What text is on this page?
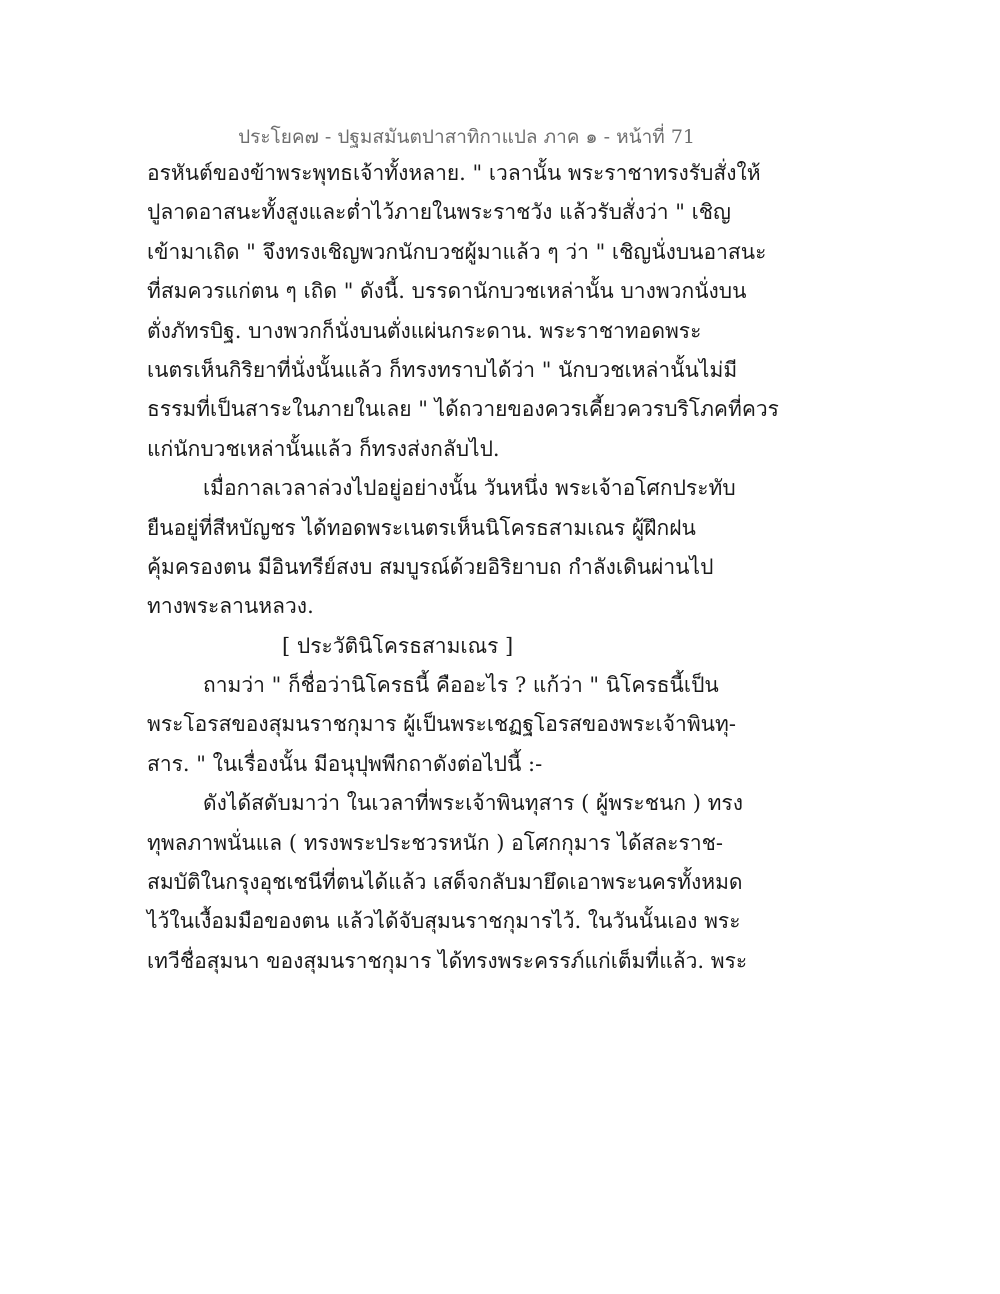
ประโยค๗ - ปฐมสมันตปาสาทิกาแปล ภาค ๑ - หน้าที่ 71
อรหันต์ของข้าพระพุทธเจ้าทั้งหลาย. " เวลานั้น พระราชาทรงรับสั่งให้
ปูลาดอาสนะทั้งสูงและต่ำไว้ภายในพระราชวัง แล้วรับสั่งว่า " เชิญ
เข้ามาเถิด " จึงทรงเชิญพวกนักบวชผู้มาแล้ว ๆ ว่า " เชิญนั่งบนอาสนะ
ที่สมควรแก่ตน ๆ เถิด " ดังนี้. บรรดานักบวชเหล่านั้น บางพวกนั่งบน
ตั่งภัทรบิฐ. บางพวกก็นั่งบนตั่งแผ่นกระดาน. พระราชาทอดพระ
เนตรเห็นกิริยาที่นั่งนั้นแล้ว ก็ทรงทราบได้ว่า " นักบวชเหล่านั้นไม่มี
ธรรมที่เป็นสาระในภายในเลย " ได้ถวายของควรเคี้ยวควรบริโภคที่ควร
แก่นักบวชเหล่านั้นแล้ว ก็ทรงส่งกลับไป.
เมื่อกาลเวลาล่วงไปอยู่อย่างนั้น วันหนึ่ง พระเจ้าอโศกประทับ
ยืนอยู่ที่สีหบัญชร ได้ทอดพระเนตรเห็นนิโครธสามเณร ผู้ฝึกฝน
คุ้มครองตน มีอินทรีย์สงบ สมบูรณ์ด้วยอิริยาบถ กำลังเดินผ่านไป
ทางพระลานหลวง.
[ ประวัตินิโครธสามเณร ]
ถามว่า " ก็ชื่อว่านิโครธนี้ คืออะไร ? แก้ว่า " นิโครธนี้เป็น
พระโอรสของสุมนราชกุมาร ผู้เป็นพระเชฏฐโอรสของพระเจ้าพินทุ-
สาร. " ในเรื่องนั้น มีอนุปุพพีกถาดังต่อไปนี้ :-
ดังได้สดับมาว่า ในเวลาที่พระเจ้าพินทุสาร ( ผู้พระชนก ) ทรง
ทุพลภาพนั่นแล ( ทรงพระประชวรหนัก ) อโศกกุมาร ได้สละราช-
สมบัติในกรุงอุชเชนีที่ตนได้แล้ว เสด็จกลับมายึดเอาพระนครทั้งหมด
ไว้ในเงื้อมมือของตน แล้วได้จับสุมนราชกุมารไว้. ในวันนั้นเอง พระ
เทวีชื่อสุมนา ของสุมนราชกุมาร ได้ทรงพระครรภ์แก่เต็มที่แล้ว. พระ
